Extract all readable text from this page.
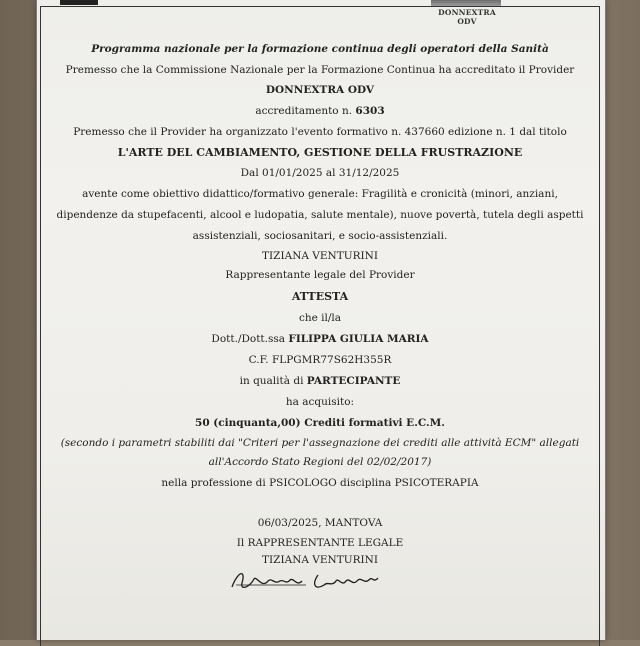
DONNEXTRA ODV
Programma nazionale per la formazione continua degli operatori della Sanità
Premesso che la Commissione Nazionale per la Formazione Continua ha accreditato il Provider
DONNEXTRA ODV
accreditamento n. 6303
Premesso che il Provider ha organizzato l'evento formativo n. 437660 edizione n. 1 dal titolo
L'ARTE DEL CAMBIAMENTO, GESTIONE DELLA FRUSTRAZIONE
Dal 01/01/2025 al 31/12/2025
avente come obiettivo didattico/formativo generale: Fragilità e cronicità (minori, anziani,
dipendenze da stupefacenti, alcool e ludopatia, salute mentale), nuove povertà, tutela degli aspetti
assistenziali, sociosanitari, e socio-assistenziali.
TIZIANA VENTURINI
Rappresentante legale del Provider
ATTESTA
che il/la
Dott./Dott.ssa FILIPPA GIULIA MARIA
C.F. FLPGMR77S62H355R
in qualità di PARTECIPANTE
ha acquisito:
50 (cinquanta,00) Crediti formativi E.C.M.
(secondo i parametri stabiliti dai "Criteri per l'assegnazione dei crediti alle attività ECM" allegati
all'Accordo Stato Regioni del 02/02/2017)
nella professione di PSICOLOGO disciplina PSICOTERAPIA
06/03/2025, MANTOVA
Il RAPPRESENTANTE LEGALE
TIZIANA VENTURINI
